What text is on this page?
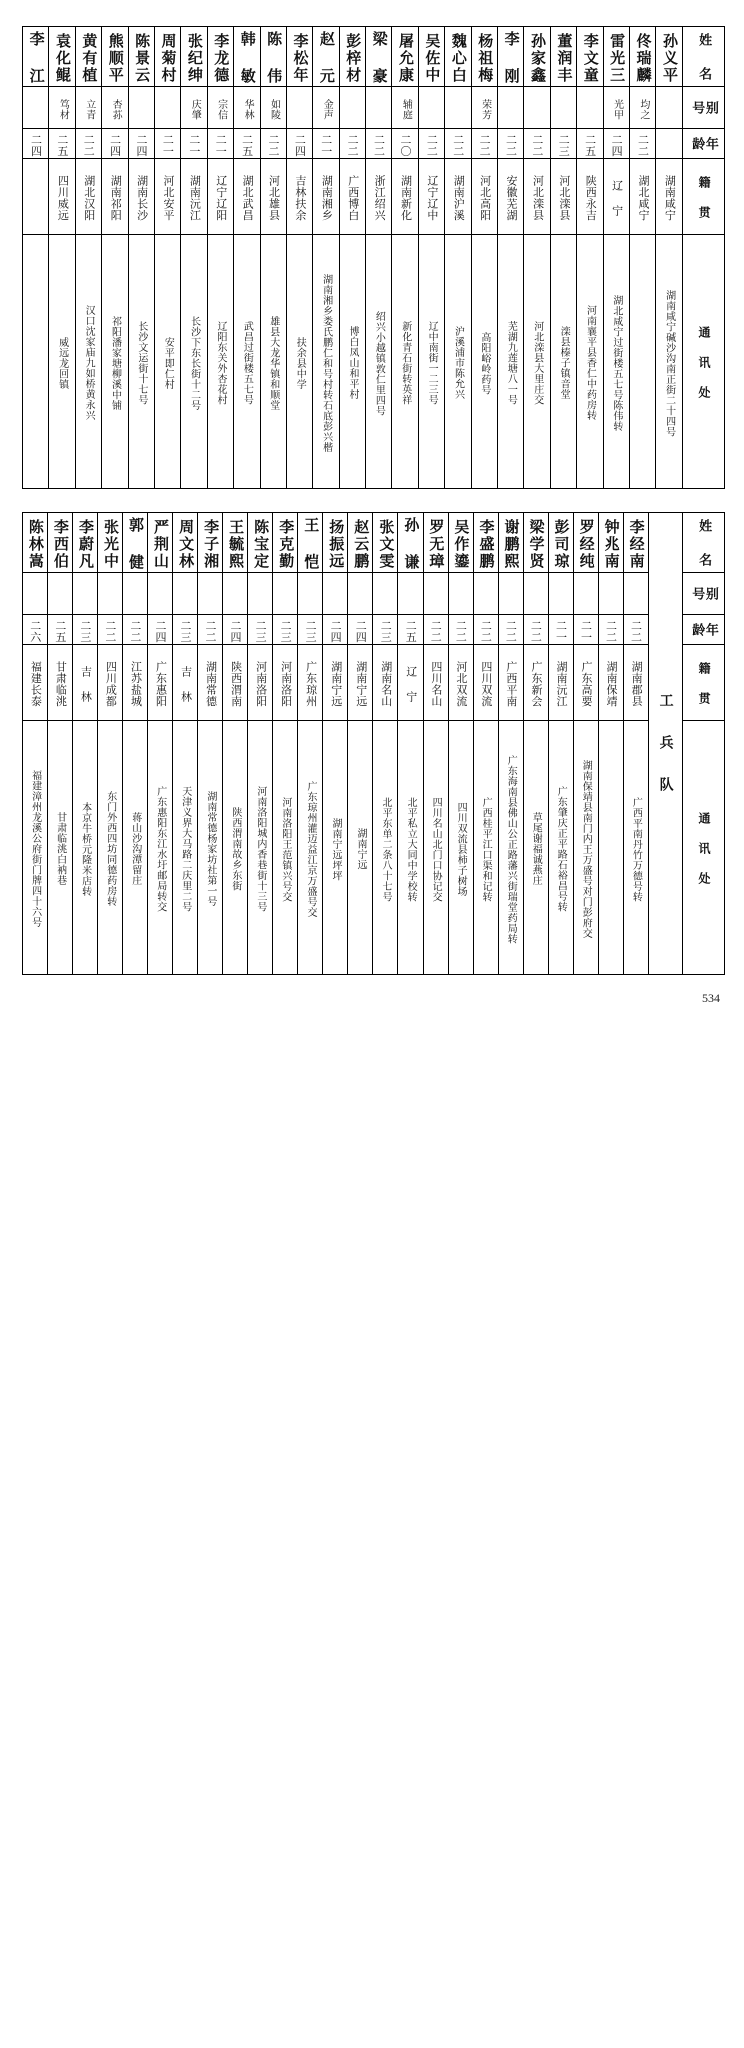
李 江	袁化鲲	黄有植	熊顺平	陈景云	周菊村	张纪绅	李龙德	韩 敏	陈 伟	李松年	赵 元	彭梓材	梁 豪	屠允康	吴佐中	魏心白	杨祖梅	李 刚	孙家鑫	董润丰	李文童	雷光三	佟瑞麟	孙义平	姓 名

	笃材	立青	杏荪			庆肇	宗信	华林	如陵		金声			辅庭			荣芳					光甲	均之		别 号

二四	二五	二二	二四	二四	二一	二一	二一	二五	二二	二四	二一	二二	二二	二〇	二二	二二	二二	二二	二二	二三	二五	二四	二二		年 龄

	四川威远	湖北汉阳	湖南祁阳	湖南长沙	河北安平	湖南沅江	辽宁辽阳	湖北武昌	河北雄县	吉林扶余	湖南湘乡	广西博白	浙江绍兴	湖南新化	辽宁辽中	湖南沪溪	河北高阳	安徽芜湖	河北滦县	河北滦县	陕西永吉	辽 宁	湖北咸宁	湖南咸宁	籍 贯

	威远龙回镇	汉口沈家庙九如桥黄永兴	祁阳潘家塘柳溪中铺	长沙文运街十七号	安平即仁村	长沙下东长街十二号	辽阳东关外杏花村	武昌过街楼五七号	雄县大龙华镇和顺堂	扶余县中学	湖南湘乡娄氏鹏仁和号村转石底彭兴楷	博白凤山和平村	绍兴小越镇敦仁里四号	新化青石街转英祥	辽中南街一二三号	沪溪浦市陈允兴	高阳峪岭药号	芜湖九莲塘八一号	河北滦县大里庄交	滦县榛子镇音堂	河南襄平县香仁中药房转	湖北咸宁过街楼五七号陈伟转		湖南咸宁碱沙沟南正街二十四号	通 讯 处
陈林嵩	李西伯	李蔚凡	张光中	郭 健	严荆山	周文林	李子湘	王毓熙	陈宝定	李克勤	王 恺	扬振远	赵云鹏	张文雯	孙 谦	罗无璋	吴作鎏	李盛鹏	谢鹏熙	梁学贤	彭司琼	罗经纯	钟兆南	李经南	工 兵 队	姓 名

																										别 号

二六	二五	二三	二二	二二	二四	二三	二二	二四	二三	二三	二三	二四	二四	二三	二五	二二	二二	二二	二二	二二	二一	二一	二二	二二		年 龄

福建长泰	甘肃临洮	吉 林	四川成都	江苏盐城	广东惠阳	吉 林	湖南常德	陕西渭南	河南洛阳	河南洛阳	广东琼州	湖南宁远	湖南宁远	湖南名山	辽 宁	四川名山	河北双流	四川双流	广西平南	广东新会	湖南沅江	广东高要	湖南保靖	湖南郡县		籍 贯

福建漳州龙溪公府街门牌四十六号	甘肃临洮白衲巷	本京牛桥元隆米店转	东门外西四坊同德药房转	蒋山沙沟潭留庄	广东惠阳东江水圩邮局转交	天津义界大马路二庆里二号	湖南常德杨家坊社第一号	陕西渭南故乡东街	河南洛阳城内香巷街十三号	河南洛阳王范镇兴号交	广东琼州灌迈益江京万盛号交	湖南宁远坪坪	湖南宁远	北平东单二条八十七号	北平私立大同中学校转	四川名山北门口协记交	四川双流县柿子树场	广西桂平江口渠和记转	广东海南县佛山公正路藩兴街瑞堂药局转	草尾谢福诚燕庄	广东肇庆正平路石裕昌号转	湖南保靖县南门内王万盛号对门彭府交		广西平南丹竹万德号转		通 讯 处
534
